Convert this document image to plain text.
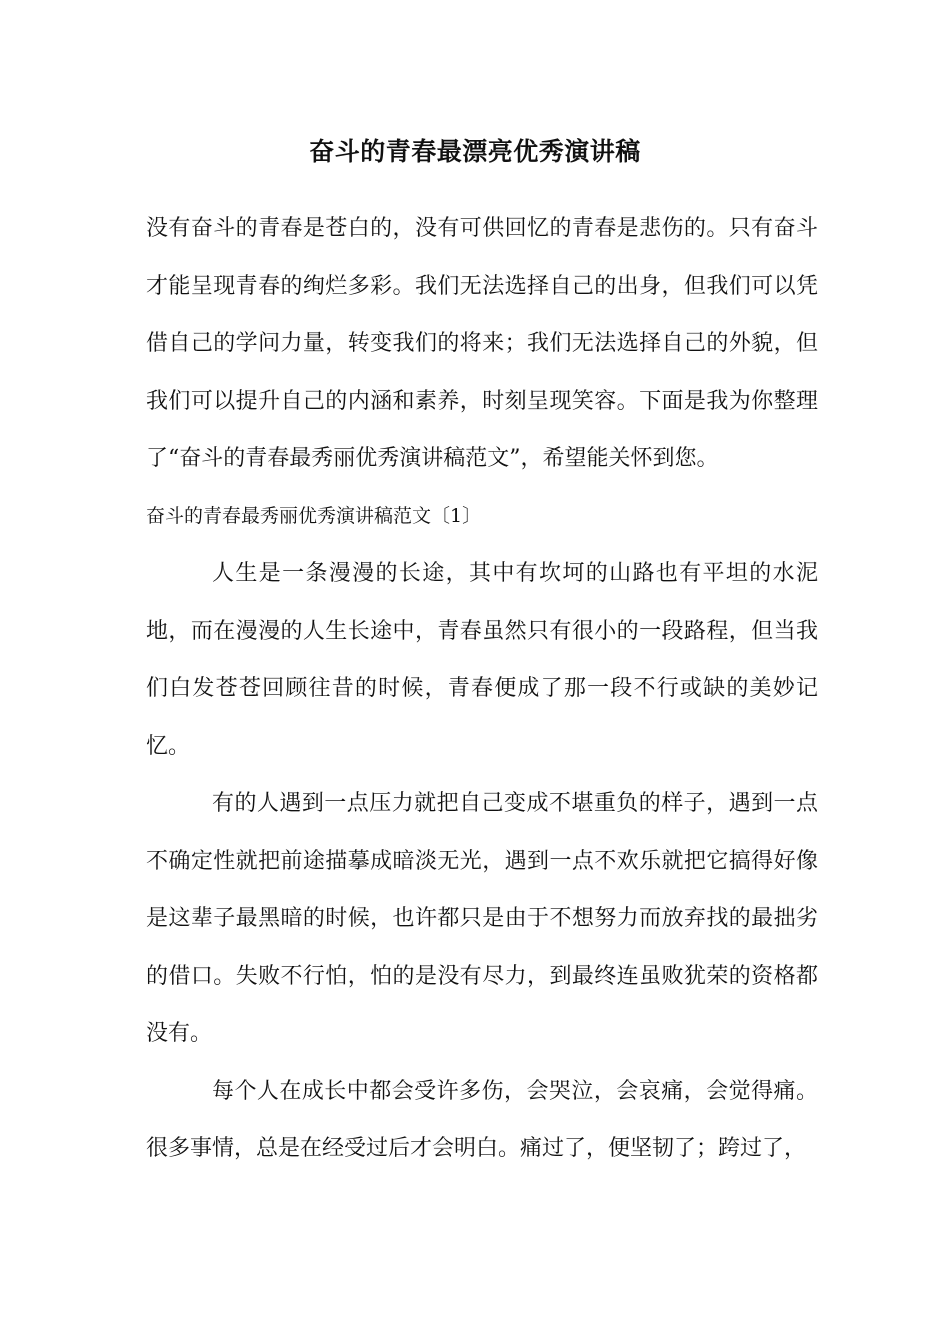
奋斗的青春最漂亮优秀演讲稿

没有奋斗的青春是苍白的，没有可供回忆的青春是悲伤的。只有奋斗才能呈现青春的绚烂多彩。我们无法选择自己的出身，但我们可以凭借自己的学问力量，转变我们的将来；我们无法选择自己的外貌，但我们可以提升自己的内涵和素养，时刻呈现笑容。下面是我为你整理了“奋斗的青春最秀丽优秀演讲稿范文”，希望能关怀到您。

奋斗的青春最秀丽优秀演讲稿范文〔1〕

人生是一条漫漫的长途，其中有坎坷的山路也有平坦的水泥地，而在漫漫的人生长途中，青春虽然只有很小的一段路程，但当我们白发苍苍回顾往昔的时候，青春便成了那一段不行或缺的美妙记忆。

有的人遇到一点压力就把自己变成不堪重负的样子，遇到一点不确定性就把前途描摹成暗淡无光，遇到一点不欢乐就把它搞得好像是这辈子最黑暗的时候，也许都只是由于不想努力而放弃找的最拙劣的借口。失败不行怕，怕的是没有尽力，到最终连虽败犹荣的资格都没有。

每个人在成长中都会受许多伤，会哭泣，会哀痛，会觉得痛。很多事情，总是在经受过后才会明白。痛过了，便坚韧了；跨过了，
